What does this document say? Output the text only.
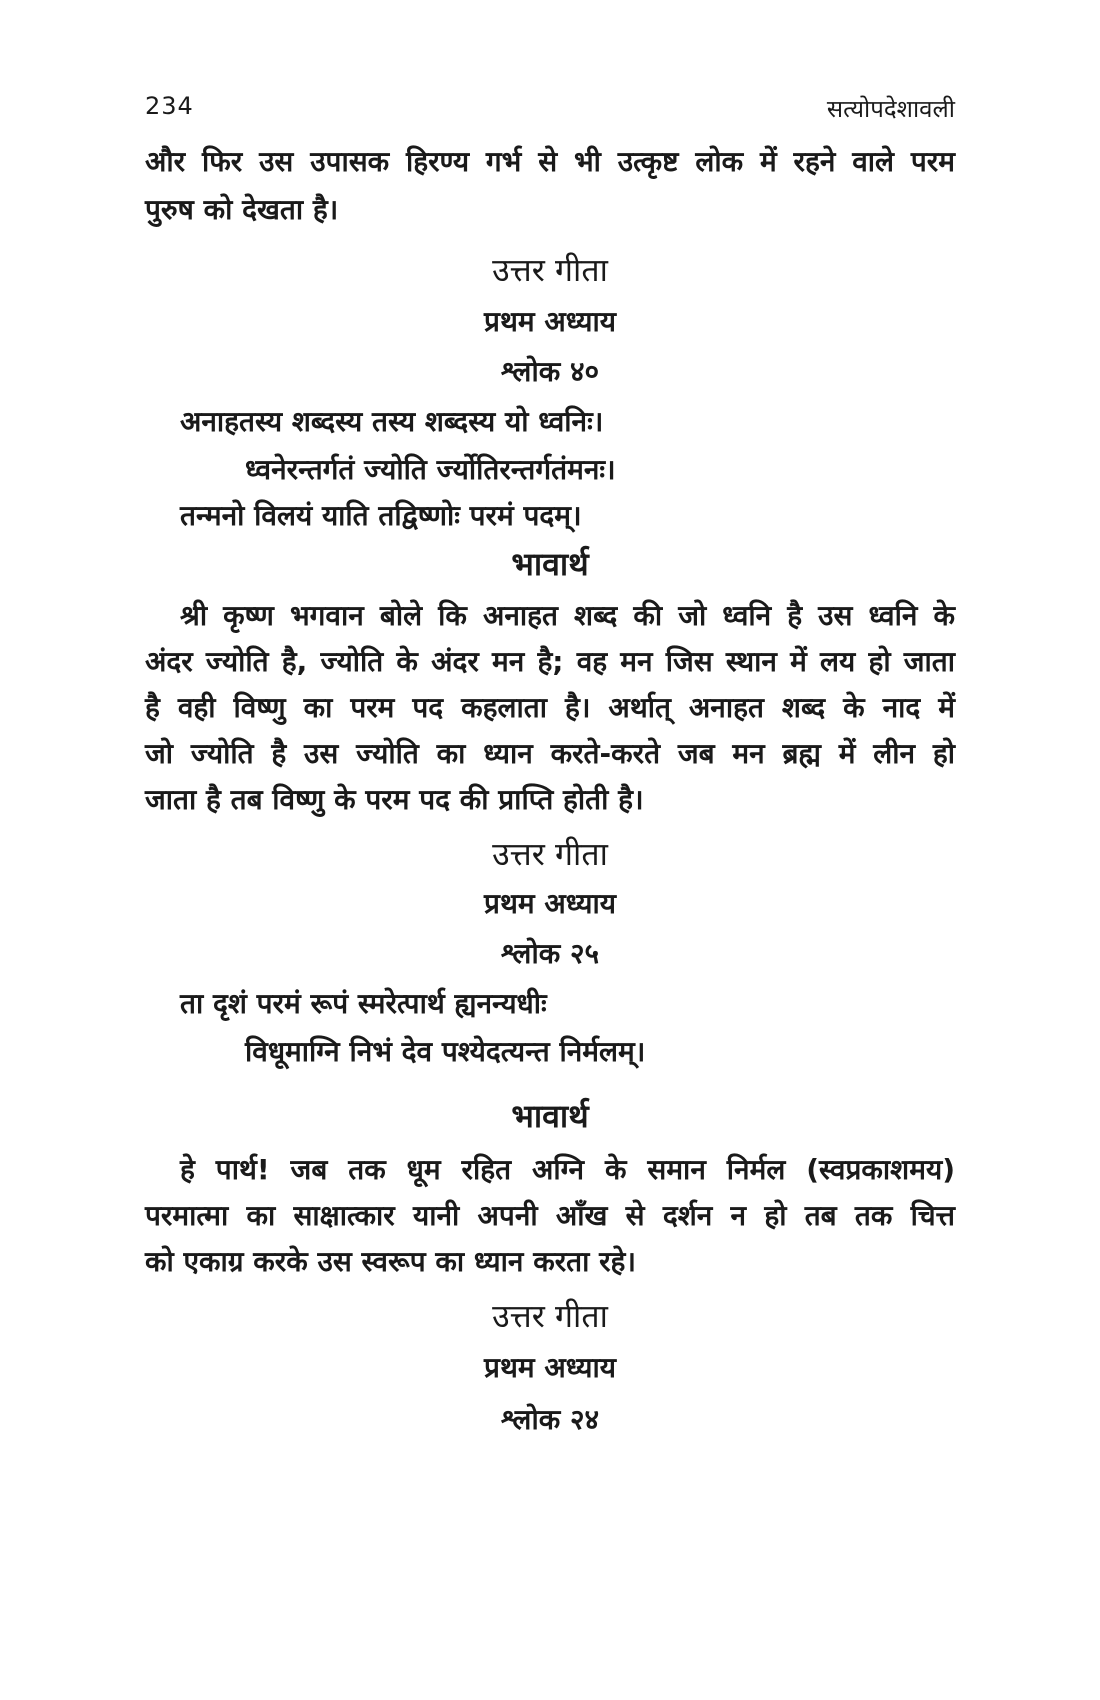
234	सत्योपदेशावली
और फिर उस उपासक हिरण्य गर्भ से भी उत्कृष्ट लोक में रहने वाले परम
पुरुष को देखता है।
उत्तर गीता
प्रथम अध्याय
श्लोक ४०
अनाहतस्य शब्दस्य तस्य शब्दस्य यो ध्वनिः।
ध्वनेरन्तर्गतं ज्योति र्ज्योतिरन्तर्गतंमनः।
तन्मनो विलयं याति तद्विष्णोः परमं पदम्।
भावार्थ
श्री कृष्ण भगवान बोले कि अनाहत शब्द की जो ध्वनि है उस ध्वनि के
अंदर ज्योति है, ज्योति के अंदर मन है; वह मन जिस स्थान में लय हो जाता
है वही विष्णु का परम पद कहलाता है। अर्थात् अनाहत शब्द के नाद में
जो ज्योति है उस ज्योति का ध्यान करते-करते जब मन ब्रह्म में लीन हो
जाता है तब विष्णु के परम पद की प्राप्ति होती है।
उत्तर गीता
प्रथम अध्याय
श्लोक २५
ता दृशं परमं रूपं स्मरेत्पार्थ ह्यनन्यधीः
विधूमाग्नि निभं देव पश्येदत्यन्त निर्मलम्।
भावार्थ
हे पार्थ! जब तक धूम रहित अग्नि के समान निर्मल (स्वप्रकाशमय)
परमात्मा का साक्षात्कार यानी अपनी आँख से दर्शन न हो तब तक चित्त
को एकाग्र करके उस स्वरूप का ध्यान करता रहे।
उत्तर गीता
प्रथम अध्याय
श्लोक २४
